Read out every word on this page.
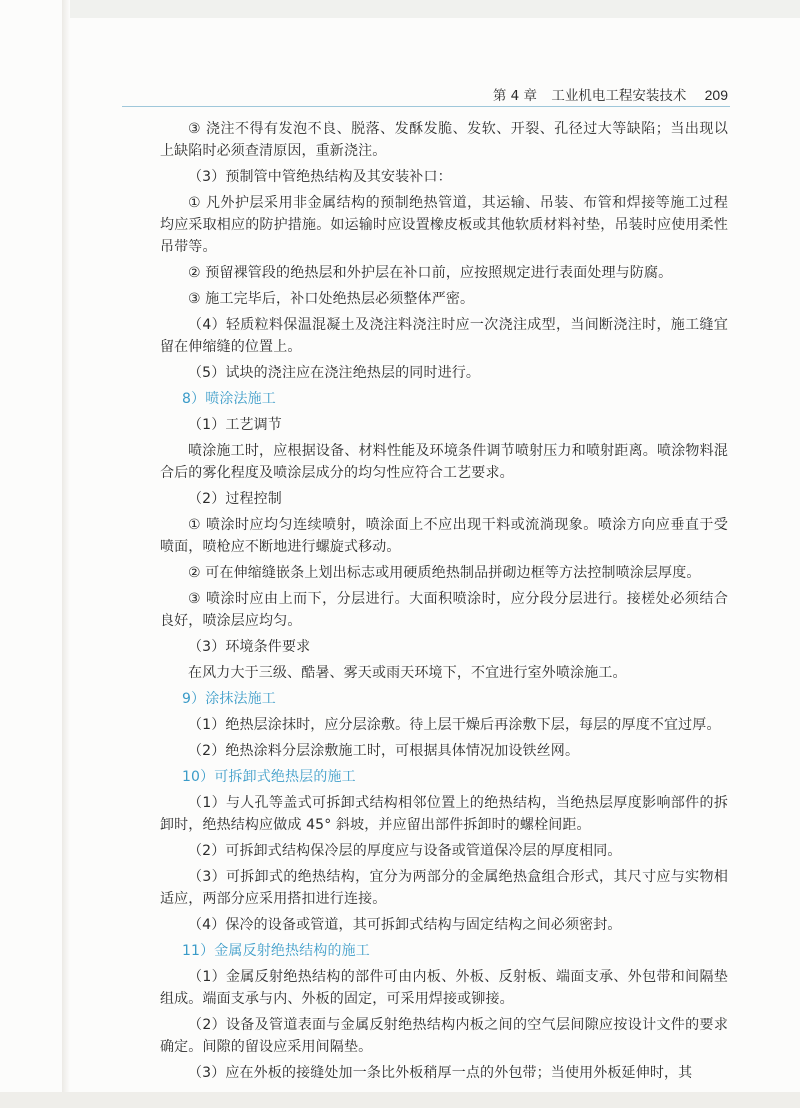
第 4 章 工业机电工程安装技术 209

③ 浇注不得有发泡不良、脱落、发酥发脆、发软、开裂、孔径过大等缺陷；当出现以上缺陷时必须查清原因，重新浇注。

（3）预制管中管绝热结构及其安装补口：

① 凡外护层采用非金属结构的预制绝热管道，其运输、吊装、布管和焊接等施工过程均应采取相应的防护措施。如运输时应设置橡皮板或其他软质材料衬垫，吊装时应使用柔性吊带等。

② 预留裸管段的绝热层和外护层在补口前，应按照规定进行表面处理与防腐。

③ 施工完毕后，补口处绝热层必须整体严密。

（4）轻质粒料保温混凝土及浇注料浇注时应一次浇注成型，当间断浇注时，施工缝宜留在伸缩缝的位置上。

（5）试块的浇注应在浇注绝热层的同时进行。

8）喷涂法施工

（1）工艺调节

喷涂施工时，应根据设备、材料性能及环境条件调节喷射压力和喷射距离。喷涂物料混合后的雾化程度及喷涂层成分的均匀性应符合工艺要求。

（2）过程控制

① 喷涂时应均匀连续喷射，喷涂面上不应出现干料或流淌现象。喷涂方向应垂直于受喷面，喷枪应不断地进行螺旋式移动。

② 可在伸缩缝嵌条上划出标志或用硬质绝热制品拼砌边框等方法控制喷涂层厚度。

③ 喷涂时应由上而下，分层进行。大面积喷涂时，应分段分层进行。接槎处必须结合良好，喷涂层应均匀。

（3）环境条件要求

在风力大于三级、酷暑、雾天或雨天环境下，不宜进行室外喷涂施工。

9）涂抹法施工

（1）绝热层涂抹时，应分层涂敷。待上层干燥后再涂敷下层，每层的厚度不宜过厚。

（2）绝热涂料分层涂敷施工时，可根据具体情况加设铁丝网。

10）可拆卸式绝热层的施工

（1）与人孔等盖式可拆卸式结构相邻位置上的绝热结构，当绝热层厚度影响部件的拆卸时，绝热结构应做成 45° 斜坡，并应留出部件拆卸时的螺栓间距。

（2）可拆卸式结构保冷层的厚度应与设备或管道保冷层的厚度相同。

（3）可拆卸式的绝热结构，宜分为两部分的金属绝热盒组合形式，其尺寸应与实物相适应，两部分应采用搭扣进行连接。

（4）保冷的设备或管道，其可拆卸式结构与固定结构之间必须密封。

11）金属反射绝热结构的施工

（1）金属反射绝热结构的部件可由内板、外板、反射板、端面支承、外包带和间隔垫组成。端面支承与内、外板的固定，可采用焊接或铆接。

（2）设备及管道表面与金属反射绝热结构内板之间的空气层间隙应按设计文件的要求确定。间隙的留设应采用间隔垫。

（3）应在外板的接缝处加一条比外板稍厚一点的外包带；当使用外板延伸时，其
